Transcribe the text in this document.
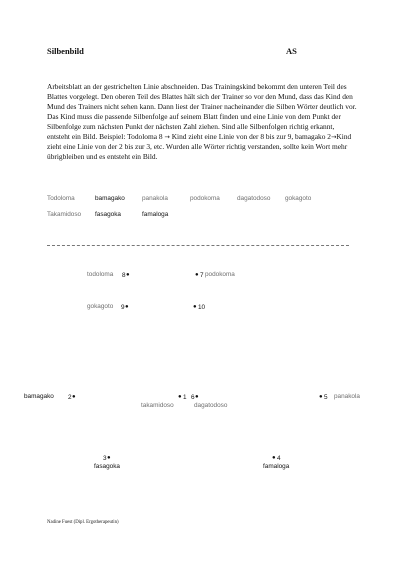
Silbenbild	AS
Arbeitsblatt an der gestrichelten Linie abschneiden. Das Trainingskind bekommt den unteren Teil des Blattes vorgelegt. Den oberen Teil des Blattes hält sich der Trainer so vor den Mund, dass das Kind den Mund des Trainers nicht sehen kann. Dann liest der Trainer nacheinander die Silben Wörter deutlich vor. Das Kind muss die passende Silbenfolge auf seinem Blatt finden und eine Linie von dem Punkt der Silbenfolge zum nächsten Punkt der nächsten Zahl ziehen. Sind alle Silbenfolgen richtig erkannt, entsteht ein Bild. Beispiel: Todoloma 8 → Kind zieht eine Linie von der 8 bis zur 9, bamagako 2→Kind zieht eine Linie von der 2 bis zur 3, etc. Wurden alle Wörter richtig verstanden, sollte kein Wort mehr übrigbleiben und es entsteht ein Bild.
Todoloma	bamagako	panakola	podokoma	dagatodoso gokagoto
Takamidoso fasagoka	famaloga
todoloma 8 ●	● 7 podokoma
gokagoto 9 ●	● 10
bamagako 2 ●	● 1
takamidoso
6 ●
dagatodoso
● 5 panakola
3 ●
fasagoka
● 4
famaloga
Nadine Fuest (Dipl. Ergotherapeutin)
